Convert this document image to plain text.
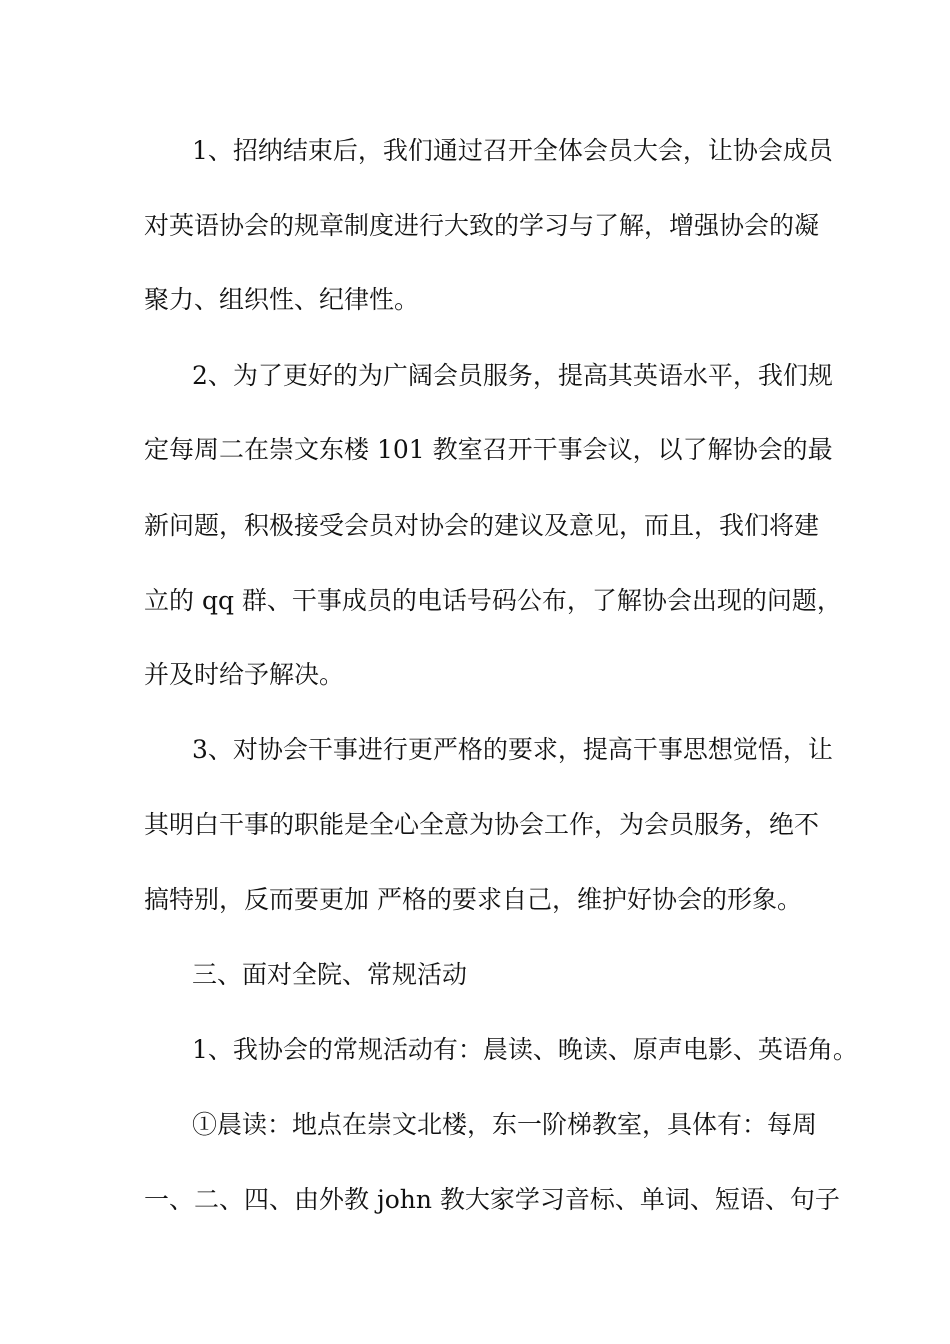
1、招纳结束后，我们通过召开全体会员大会，让协会成员
对英语协会的规章制度进行大致的学习与了解，增强协会的凝
聚力、组织性、纪律性。
2、为了更好的为广阔会员服务，提高其英语水平，我们规
定每周二在崇文东楼 101 教室召开干事会议，以了解协会的最
新问题，积极接受会员对协会的建议及意见，而且，我们将建
立的 qq 群、干事成员的电话号码公布，了解协会出现的问题，
并及时给予解决。
3、对协会干事进行更严格的要求，提高干事思想觉悟，让
其明白干事的职能是全心全意为协会工作，为会员服务，绝不
搞特别，反而要更加 严格的要求自己，维护好协会的形象。
三、面对全院、常规活动
1、我协会的常规活动有：晨读、晚读、原声电影、英语角。
①晨读：地点在崇文北楼，东一阶梯教室，具体有：每周
一、二、四、由外教 john 教大家学习音标、单词、短语、句子
